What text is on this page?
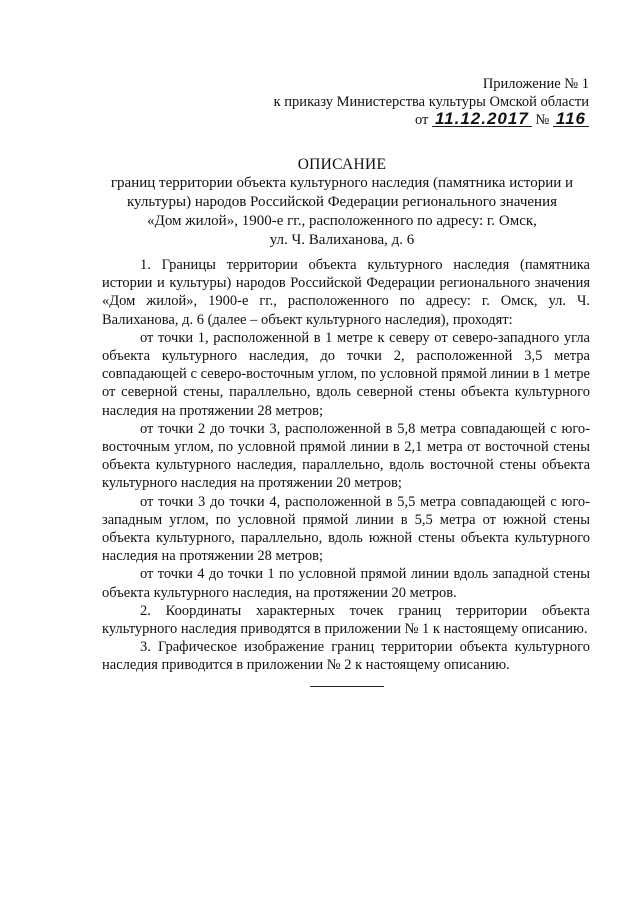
Приложение № 1
к приказу Министерства культуры Омской области
от 11.12.2017 № 116
ОПИСАНИЕ
границ территории объекта культурного наследия (памятника истории и
культуры) народов Российской Федерации регионального значения
«Дом жилой», 1900-е гг., расположенного по адресу: г. Омск,
ул. Ч. Валиханова, д. 6

1. Границы территории объекта культурного наследия (памятника истории и культуры) народов Российской Федерации регионального значения «Дом жилой», 1900-е гг., расположенного по адресу: г. Омск, ул. Ч. Валиханова, д. 6 (далее – объект культурного наследия), проходят:

от точки 1, расположенной в 1 метре к северу от северо-западного угла объекта культурного наследия, до точки 2, расположенной 3,5 метра совпадающей с северо-восточным углом, по условной прямой линии в 1 метре от северной стены, параллельно, вдоль северной стены объекта культурного наследия на протяжении 28 метров;

от точки 2 до точки 3, расположенной в 5,8 метра совпадающей с юго-восточным углом, по условной прямой линии в 2,1 метра от восточной стены объекта культурного наследия, параллельно, вдоль восточной стены объекта культурного наследия на протяжении 20 метров;

от точки 3 до точки 4, расположенной в 5,5 метра совпадающей с юго-западным углом, по условной прямой линии в 5,5 метра от южной стены объекта культурного, параллельно, вдоль южной стены объекта культурного наследия на протяжении 28 метров;

от точки 4 до точки 1 по условной прямой линии вдоль западной стены объекта культурного наследия, на протяжении 20 метров.

2. Координаты характерных точек границ территории объекта культурного наследия приводятся в приложении № 1 к настоящему описанию.

3. Графическое изображение границ территории объекта культурного наследия приводится в приложении № 2 к настоящему описанию.
